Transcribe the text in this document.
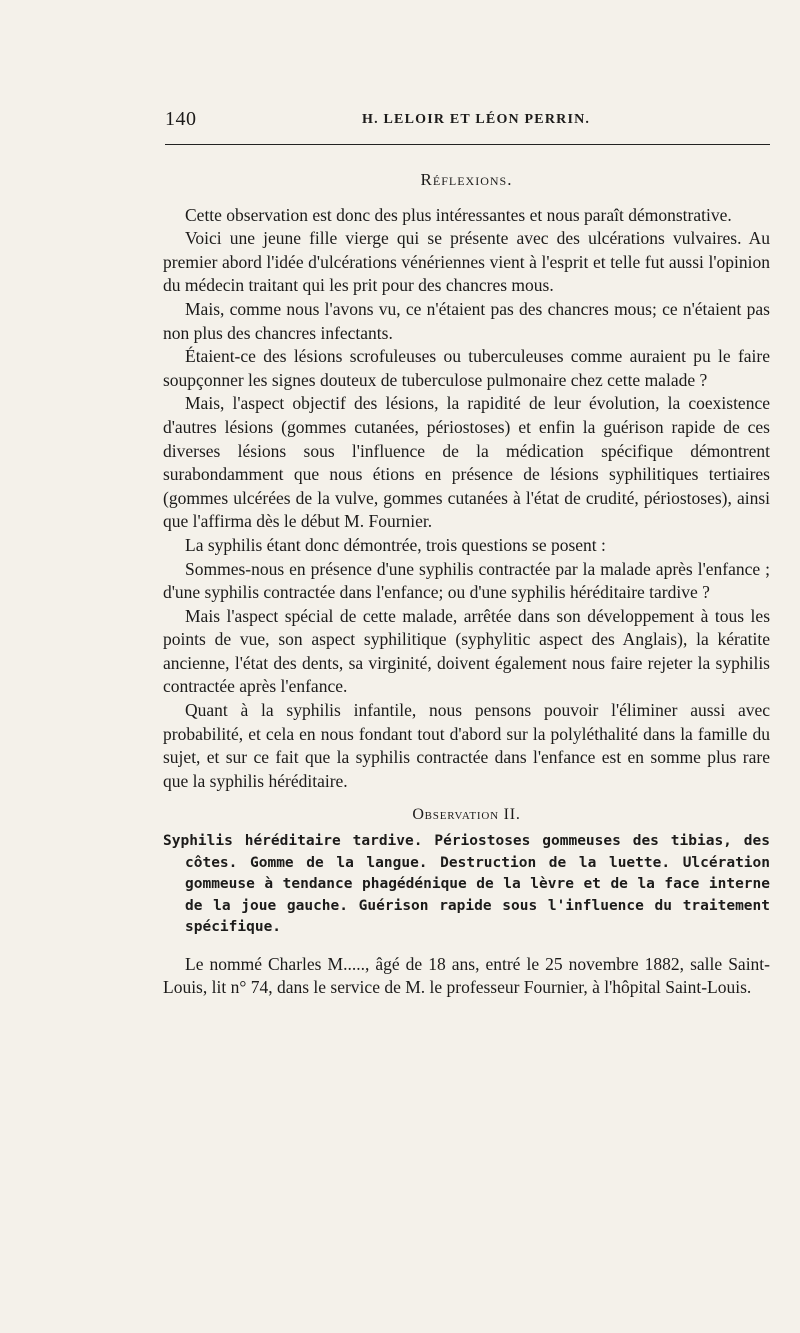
140	H. LELOIR ET LÉON PERRIN.
Réflexions.

Cette observation est donc des plus intéressantes et nous paraît démonstrative.

Voici une jeune fille vierge qui se présente avec des ulcérations vulvaires. Au premier abord l'idée d'ulcérations vénériennes vient à l'esprit et telle fut aussi l'opinion du médecin traitant qui les prit pour des chancres mous.

Mais, comme nous l'avons vu, ce n'étaient pas des chancres mous; ce n'étaient pas non plus des chancres infectants.

Étaient-ce des lésions scrofuleuses ou tuberculeuses comme auraient pu le faire soupçonner les signes douteux de tuberculose pulmonaire chez cette malade ?

Mais, l'aspect objectif des lésions, la rapidité de leur évolution, la coexistence d'autres lésions (gommes cutanées, périostoses) et enfin la guérison rapide de ces diverses lésions sous l'influence de la médication spécifique démontrent surabondamment que nous étions en présence de lésions syphilitiques tertiaires (gommes ulcérées de la vulve, gommes cutanées à l'état de crudité, périostoses), ainsi que l'affirma dès le début M. Fournier.

La syphilis étant donc démontrée, trois questions se posent :

Sommes-nous en présence d'une syphilis contractée par la malade après l'enfance ; d'une syphilis contractée dans l'enfance; ou d'une syphilis héréditaire tardive ?

Mais l'aspect spécial de cette malade, arrêtée dans son développement à tous les points de vue, son aspect syphilitique (syphylitic aspect des Anglais), la kératite ancienne, l'état des dents, sa virginité, doivent également nous faire rejeter la syphilis contractée après l'enfance.

Quant à la syphilis infantile, nous pensons pouvoir l'éliminer aussi avec probabilité, et cela en nous fondant tout d'abord sur la polyléthalité dans la famille du sujet, et sur ce fait que la syphilis contractée dans l'enfance est en somme plus rare que la syphilis héréditaire.

Observation II.

Syphilis héréditaire tardive. Périostoses gommeuses des tibias, des côtes. Gomme de la langue. Destruction de la luette. Ulcération gommeuse à tendance phagédénique de la lèvre et de la face interne de la joue gauche. Guérison rapide sous l'influence du traitement spécifique.

Le nommé Charles M....., âgé de 18 ans, entré le 25 novembre 1882, salle Saint-Louis, lit n° 74, dans le service de M. le professeur Fournier, à l'hôpital Saint-Louis.
